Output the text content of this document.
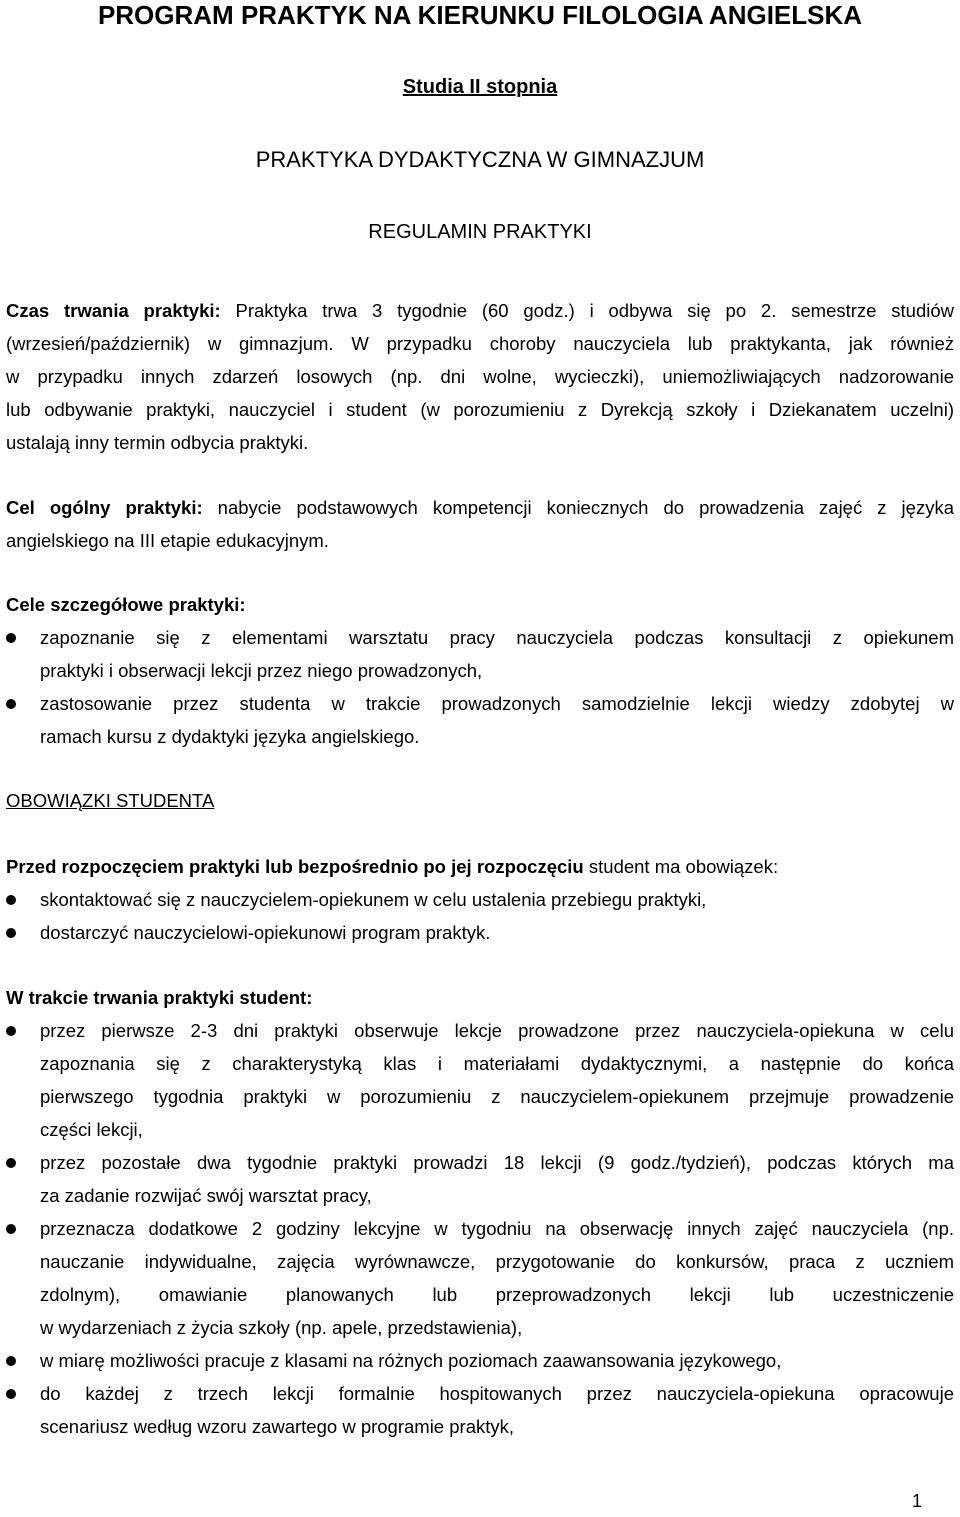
PROGRAM PRAKTYK NA KIERUNKU FILOLOGIA ANGIELSKA
Studia II stopnia
PRAKTYKA DYDAKTYCZNA W GIMNAZJUM
REGULAMIN PRAKTYKI
Czas trwania praktyki: Praktyka trwa 3 tygodnie (60 godz.) i odbywa się po 2. semestrze studiów
(wrzesień/październik) w gimnazjum. W przypadku choroby nauczyciela lub praktykanta, jak również
w przypadku innych zdarzeń losowych (np. dni wolne, wycieczki), uniemożliwiających nadzorowanie
lub odbywanie praktyki, nauczyciel i student (w porozumieniu z Dyrekcją szkoły i Dziekanatem uczelni)
ustalają inny termin odbycia praktyki.
Cel ogólny praktyki: nabycie podstawowych kompetencji koniecznych do prowadzenia zajęć z języka
angielskiego na III etapie edukacyjnym.
Cele szczegółowe praktyki:
zapoznanie się z elementami warsztatu pracy nauczyciela podczas konsultacji z opiekunem
praktyki i obserwacji lekcji przez niego prowadzonych,
zastosowanie przez studenta w trakcie prowadzonych samodzielnie lekcji wiedzy zdobytej w
ramach kursu z dydaktyki języka angielskiego.
OBOWIĄZKI STUDENTA
Przed rozpoczęciem praktyki lub bezpośrednio po jej rozpoczęciu student ma obowiązek:
skontaktować się z nauczycielem-opiekunem w celu ustalenia przebiegu praktyki,
dostarczyć nauczycielowi-opiekunowi program praktyk.
W trakcie trwania praktyki student:
przez pierwsze 2-3 dni praktyki obserwuje lekcje prowadzone przez nauczyciela-opiekuna w celu
zapoznania się z charakterystyką klas i materiałami dydaktycznymi, a następnie do końca
pierwszego tygodnia praktyki w porozumieniu z nauczycielem-opiekunem przejmuje prowadzenie
części lekcji,
przez pozostałe dwa tygodnie praktyki prowadzi 18 lekcji (9 godz./tydzień), podczas których ma
za zadanie rozwijać swój warsztat pracy,
przeznacza dodatkowe 2 godziny lekcyjne w tygodniu na obserwację innych zajęć nauczyciela (np.
nauczanie indywidualne, zajęcia wyrównawcze, przygotowanie do konkursów, praca z uczniem
zdolnym), omawianie planowanych lub przeprowadzonych lekcji lub uczestniczenie
w wydarzeniach z życia szkoły (np. apele, przedstawienia),
w miarę możliwości pracuje z klasami na różnych poziomach zaawansowania językowego,
do każdej z trzech lekcji formalnie hospitowanych przez nauczyciela-opiekuna opracowuje
scenariusz według wzoru zawartego w programie praktyk,
1
